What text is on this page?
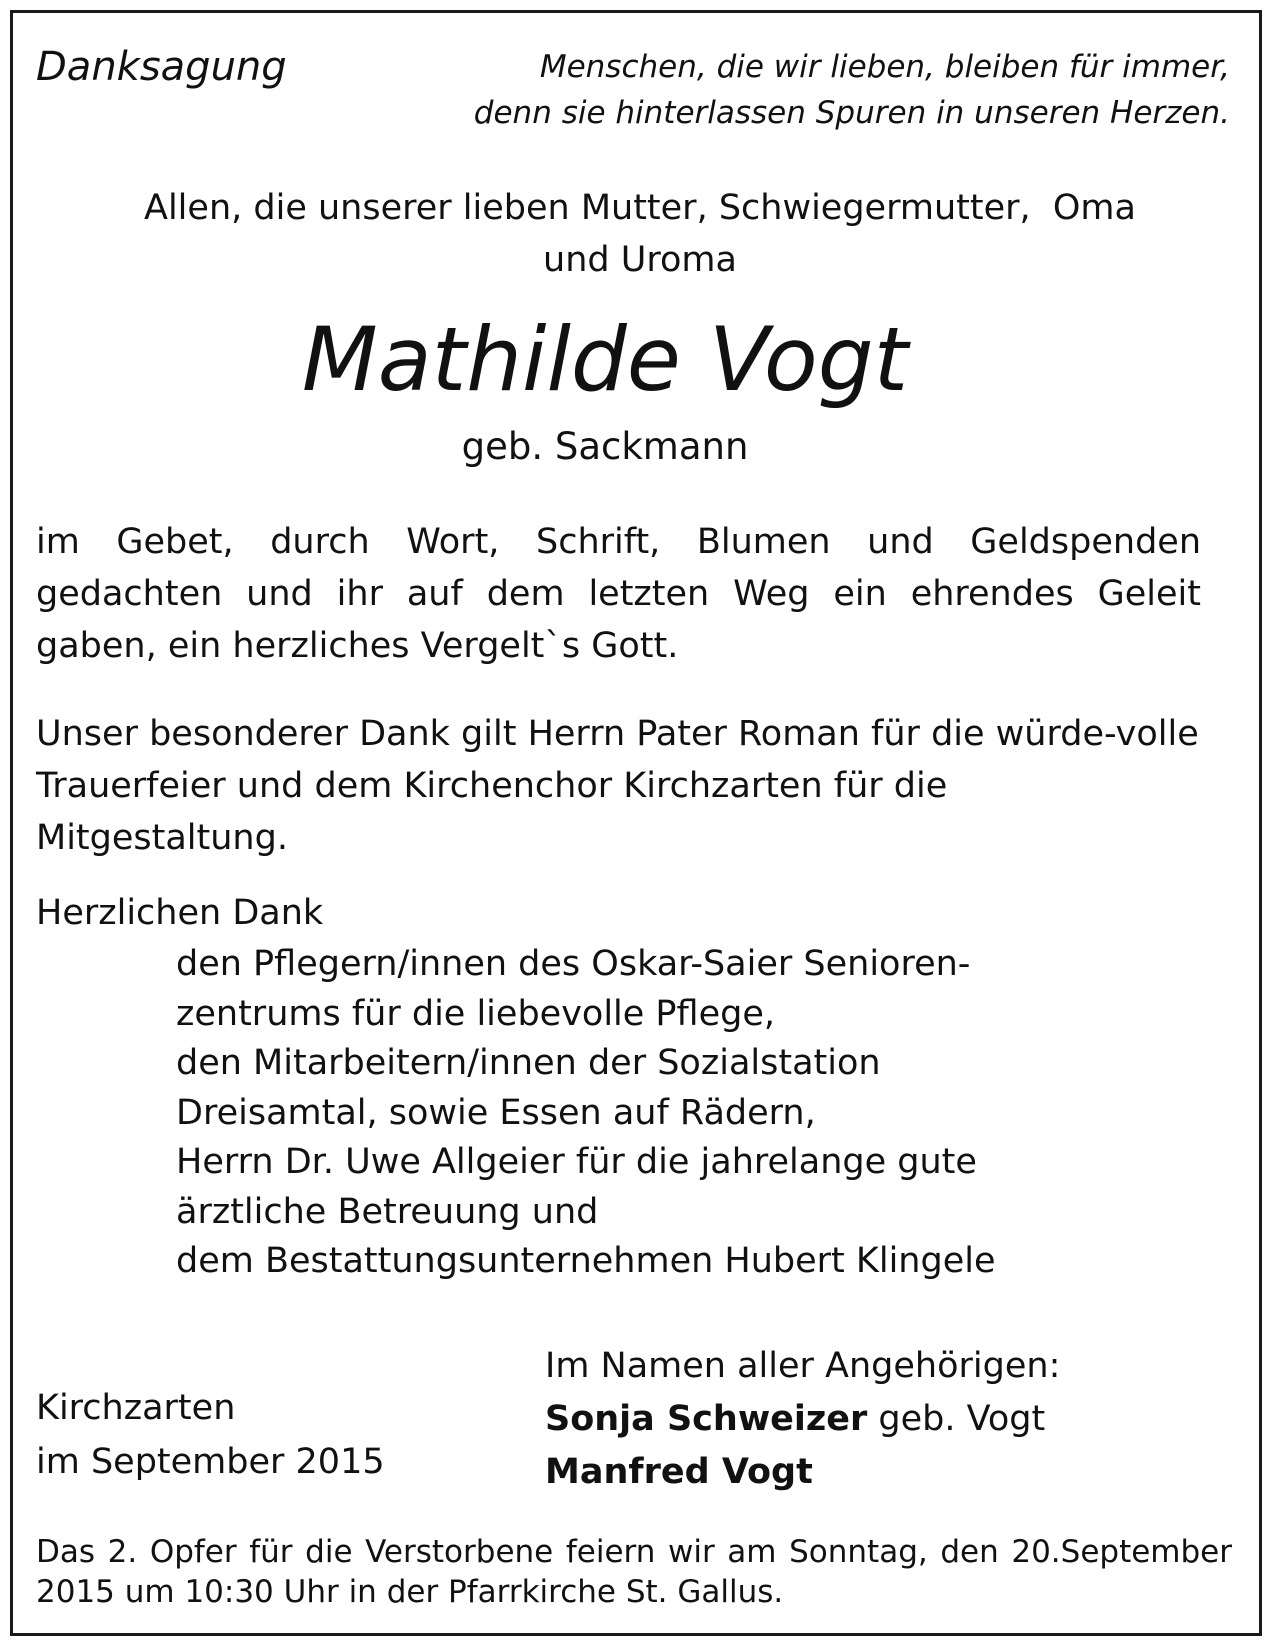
Danksagung	Menschen, die wir lieben, bleiben für immer,
denn sie hinterlassen Spuren in unseren Herzen.
Allen, die unserer lieben Mutter, Schwiegermutter,  Oma
und Uroma
Mathilde Vogt
geb. Sackmann
im Gebet, durch Wort, Schrift, Blumen und Geldspenden gedachten und ihr auf dem letzten Weg ein ehrendes Geleit gaben, ein herzliches Vergelt`s Gott.
Unser besonderer Dank gilt Herrn Pater Roman für die würde-volle Trauerfeier und dem Kirchenchor Kirchzarten für die Mitgestaltung.
Herzlichen Dank
den Pflegern/innen des Oskar-Saier Senioren-
zentrums für die liebevolle Pflege,
den Mitarbeitern/innen der Sozialstation
Dreisamtal, sowie Essen auf Rädern,
Herrn Dr. Uwe Allgeier für die jahrelange gute
ärztliche Betreuung und
dem Bestattungsunternehmen Hubert Klingele
Im Namen aller Angehörigen:
Sonja Schweizer geb. Vogt
Manfred Vogt
Kirchzarten
im September 2015
Das 2. Opfer für die Verstorbene feiern wir am Sonntag, den 20.September 2015 um 10:30 Uhr in der Pfarrkirche St. Gallus.
